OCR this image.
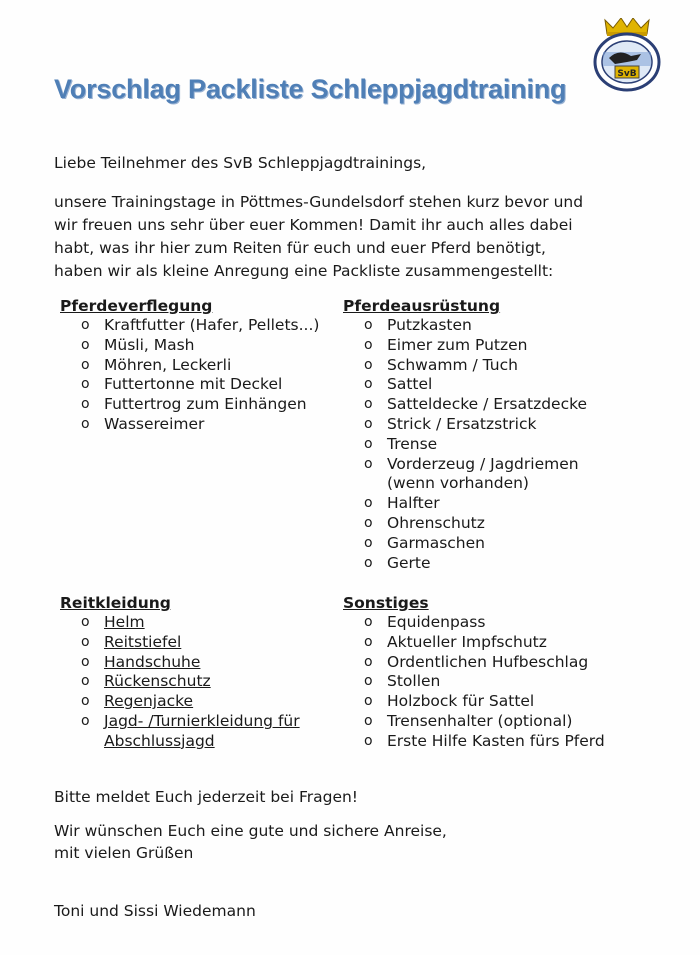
Vorschlag Packliste Schleppjagdtraining	SvB

Liebe Teilnehmer des SvB Schleppjagdtrainings,

unsere Trainingstage in Pöttmes-Gundelsdorf stehen kurz bevor und

wir freuen uns sehr über euer Kommen! Damit ihr auch alles dabei

habt, was ihr hier zum Reiten für euch und euer Pferd benötigt,

haben wir als kleine Anregung eine Packliste zusammengestellt:

Pferdeverflegung
o Kraftfutter (Hafer, Pellets...)
o Müsli, Mash
o Möhren, Leckerli
o Futtertonne mit Deckel
o Futtertrog zum Einhängen
o Wassereimer
Pferdeausrüstung
o Putzkasten
o Eimer zum Putzen
o Schwamm / Tuch
o Sattel
o Satteldecke / Ersatzdecke
o Strick / Ersatzstrick
o Trense
o Vorderzeug / Jagdriemen (wenn vorhanden)
o Halfter
o Ohrenschutz
o Garmaschen
o Gerte
Reitkleidung
o Helm
o Reitstiefel
o Handschuhe
o Rückenschutz
o Regenjacke
o Jagd- /Turnierkleidung für Abschlussjagd
Sonstiges
o Equidenpass
o Aktueller Impfschutz
o Ordentlichen Hufbeschlag
o Stollen
o Holzbock für Sattel
o Trensenhalter (optional)
o Erste Hilfe Kasten fürs Pferd

Bitte meldet Euch jederzeit bei Fragen!

Wir wünschen Euch eine gute und sichere Anreise,

mit vielen Grüßen

Toni und Sissi Wiedemann
